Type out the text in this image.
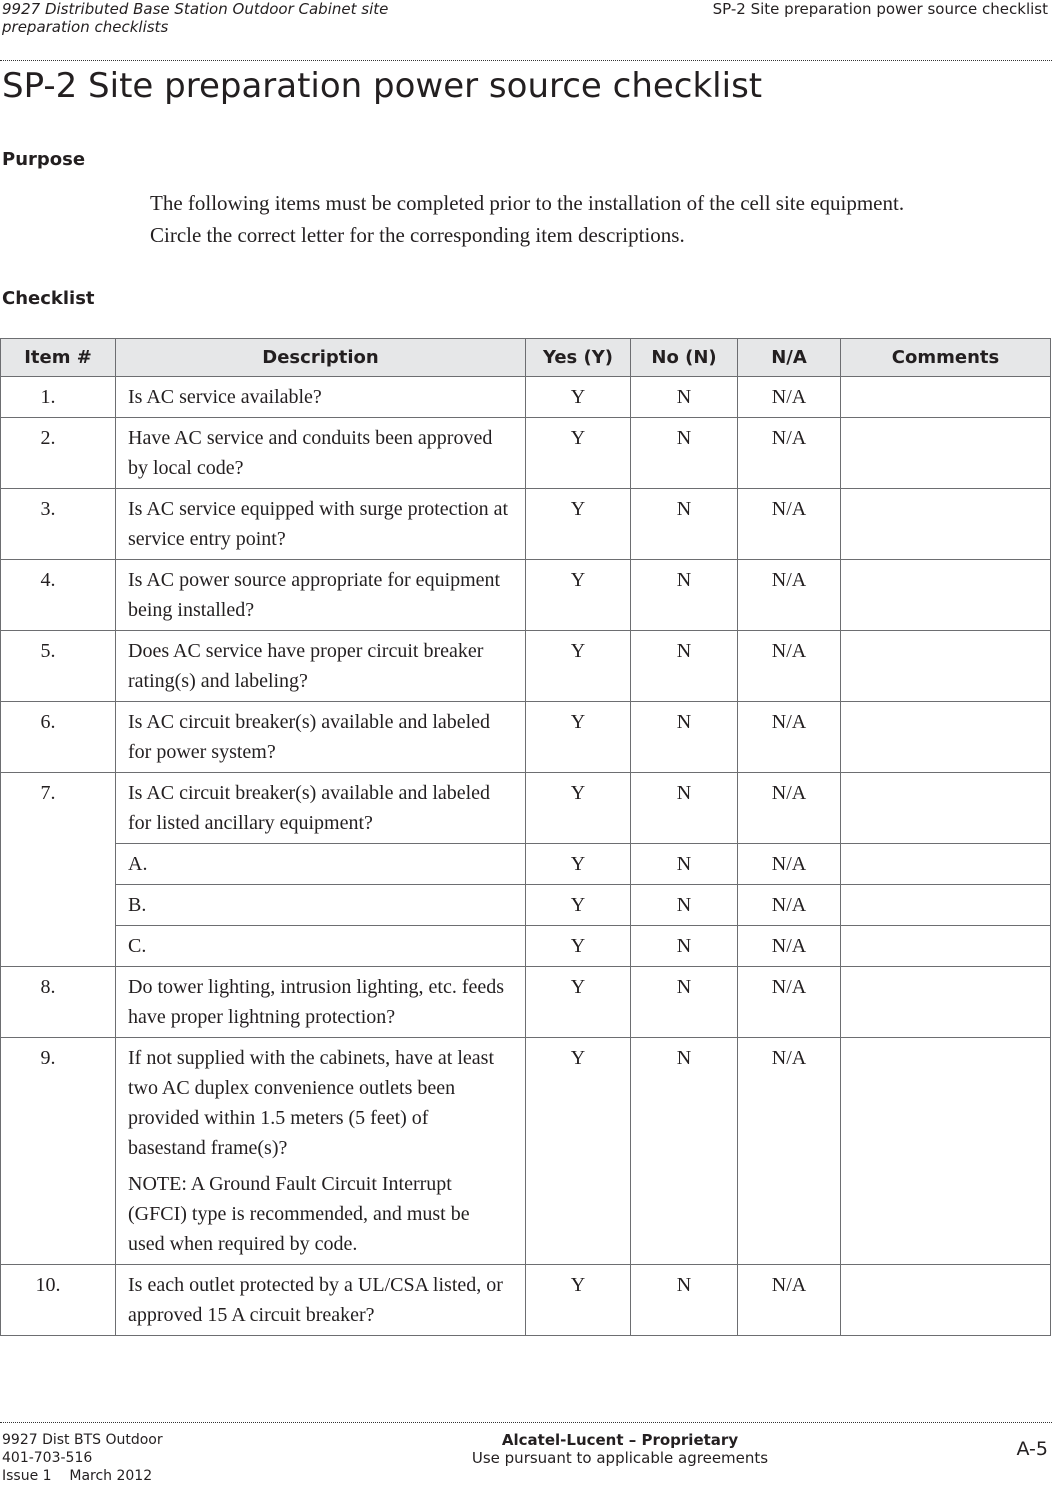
9927 Distributed Base Station Outdoor Cabinet site
preparation checklists
SP-2 Site preparation power source checklist
SP-2 Site preparation power source checklist
Purpose
The following items must be completed prior to the installation of the cell site equipment.
Circle the correct letter for the corresponding item descriptions.
Checklist
Item #	Description	Yes (Y)	No (N)	N/A	Comments
1.	Is AC service available?	Y	N	N/A	
2.	Have AC service and conduits been approved by local code?	Y	N	N/A	
3.	Is AC service equipped with surge protection at service entry point?	Y	N	N/A	
4.	Is AC power source appropriate for equipment being installed?	Y	N	N/A	
5.	Does AC service have proper circuit breaker rating(s) and labeling?	Y	N	N/A	
6.	Is AC circuit breaker(s) available and labeled for power system?	Y	N	N/A	
7.	Is AC circuit breaker(s) available and labeled for listed ancillary equipment?	Y	N	N/A	
	A.	Y	N	N/A	
	B.	Y	N	N/A	
	C.	Y	N	N/A	
8.	Do tower lighting, intrusion lighting, etc. feeds have proper lightning protection?	Y	N	N/A	
9.	If not supplied with the cabinets, have at least two AC duplex convenience outlets been provided within 1.5 meters (5 feet) of basestand frame(s)?
NOTE: A Ground Fault Circuit Interrupt (GFCI) type is recommended, and must be used when required by code.	Y	N	N/A	
10.	Is each outlet protected by a UL/CSA listed, or approved 15 A circuit breaker?	Y	N	N/A	
9927 Dist BTS Outdoor
401-703-516
Issue 1    March 2012
Alcatel-Lucent – Proprietary
Use pursuant to applicable agreements	A-5
